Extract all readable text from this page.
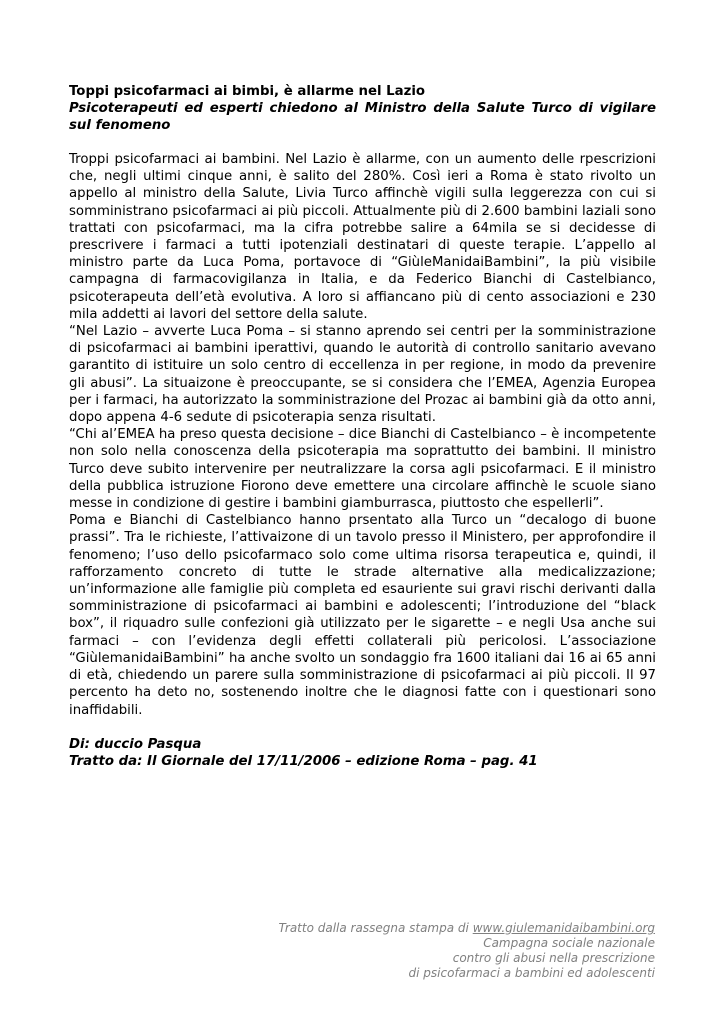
Toppi psicofarmaci ai bimbi, è allarme nel Lazio
Psicoterapeuti ed esperti chiedono al Ministro della Salute Turco di vigilare sul fenomeno

Troppi psicofarmaci ai bambini. Nel Lazio è allarme, con un aumento delle rpescrizioni che, negli ultimi cinque anni, è salito del 280%. Così ieri a Roma è stato rivolto un appello al ministro della Salute, Livia Turco affinchè vigili sulla leggerezza con cui si somministrano psicofarmaci ai più piccoli. Attualmente più di 2.600 bambini laziali sono trattati con psicofarmaci, ma la cifra potrebbe salire a 64mila se si decidesse di prescrivere i farmaci a tutti ipotenziali destinatari di queste terapie. L’appello al ministro parte da Luca Poma, portavoce di “GiùleManidaiBambini”, la più visibile campagna di farmacovigilanza in Italia, e da Federico Bianchi di Castelbianco, psicoterapeuta dell’età evolutiva. A loro si affiancano più di cento associazioni e 230 mila addetti ai lavori del settore della salute.

“Nel Lazio – avverte Luca Poma – si stanno aprendo sei centri per la somministrazione di psicofarmaci ai bambini iperattivi, quando le autorità di controllo sanitario avevano garantito di istituire un solo centro di eccellenza in per regione, in modo da prevenire gli abusi”. La situaizone è preoccupante, se si considera che l’EMEA, Agenzia Europea per i farmaci, ha autorizzato la somministrazione del Prozac ai bambini già da otto anni, dopo appena 4-6 sedute di psicoterapia senza risultati.

“Chi al’EMEA ha preso questa decisione – dice Bianchi di Castelbianco – è incompetente non solo nella conoscenza della psicoterapia ma soprattutto dei bambini. Il ministro Turco deve subito intervenire per neutralizzare la corsa agli psicofarmaci. E il ministro della pubblica istruzione Fiorono deve emettere una circolare affinchè le scuole siano messe in condizione di gestire i bambini giamburrasca, piuttosto che espellerli”.

Poma e Bianchi di Castelbianco hanno prsentato alla Turco un “decalogo di buone prassi”. Tra le richieste, l’attivaizone di un tavolo presso il Ministero, per approfondire il fenomeno; l’uso dello psicofarmaco solo come ultima risorsa terapeutica e, quindi, il rafforzamento concreto di tutte le strade alternative alla medicalizzazione; un’informazione alle famiglie più completa ed esauriente sui gravi rischi derivanti dalla somministrazione di psicofarmaci ai bambini e adolescenti; l’introduzione del “black box”, il riquadro sulle confezioni già utilizzato per le sigarette – e negli Usa anche sui farmaci – con l’evidenza degli effetti collaterali più pericolosi. L’associazione “GiùlemanidaiBambini” ha anche svolto un sondaggio fra 1600 italiani dai 16 ai 65 anni di età, chiedendo un parere sulla somministrazione di psicofarmaci ai più piccoli. Il 97 percento ha deto no, sostenendo inoltre che le diagnosi fatte con i questionari sono inaffidabili.

Di: duccio Pasqua
Tratto da: Il Giornale del 17/11/2006 – edizione Roma – pag. 41
Tratto dalla rassegna stampa di www.giulemanidaibambini.org
Campagna sociale nazionale
contro gli abusi nella prescrizione
di psicofarmaci a bambini ed adolescenti
